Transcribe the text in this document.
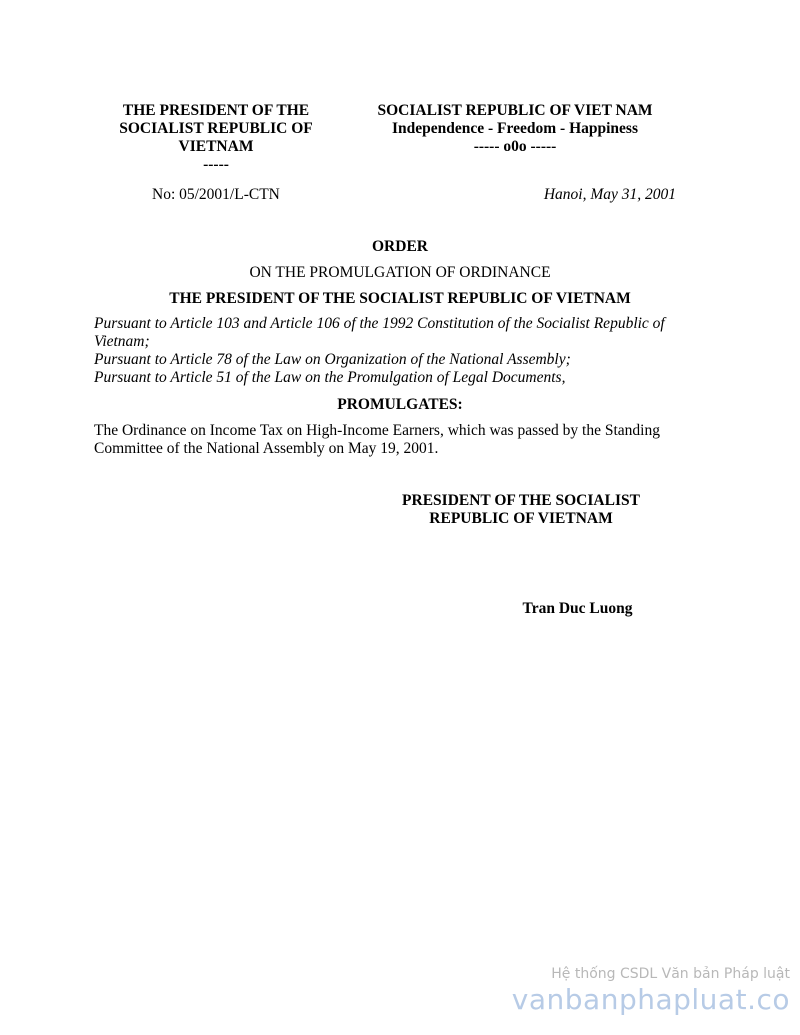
THE PRESIDENT OF THE
SOCIALIST REPUBLIC OF
VIETNAM
-----
SOCIALIST REPUBLIC OF VIET NAM
Independence - Freedom - Happiness
----- o0o -----
No: 05/2001/L-CTN	Hanoi, May 31, 2001
ORDER
ON THE PROMULGATION OF ORDINANCE
THE PRESIDENT OF THE SOCIALIST REPUBLIC OF VIETNAM
Pursuant to Article 103 and Article 106 of the 1992 Constitution of the Socialist Republic of Vietnam;
Pursuant to Article 78 of the Law on Organization of the National Assembly;
Pursuant to Article 51 of the Law on the Promulgation of Legal Documents,
PROMULGATES:
The Ordinance on Income Tax on High-Income Earners, which was passed by the Standing Committee of the National Assembly on May 19, 2001.
PRESIDENT OF THE SOCIALIST
REPUBLIC OF VIETNAM
Tran Duc Luong
Hệ thống CSDL Văn bản Pháp luật
vanbanphapluat.co
